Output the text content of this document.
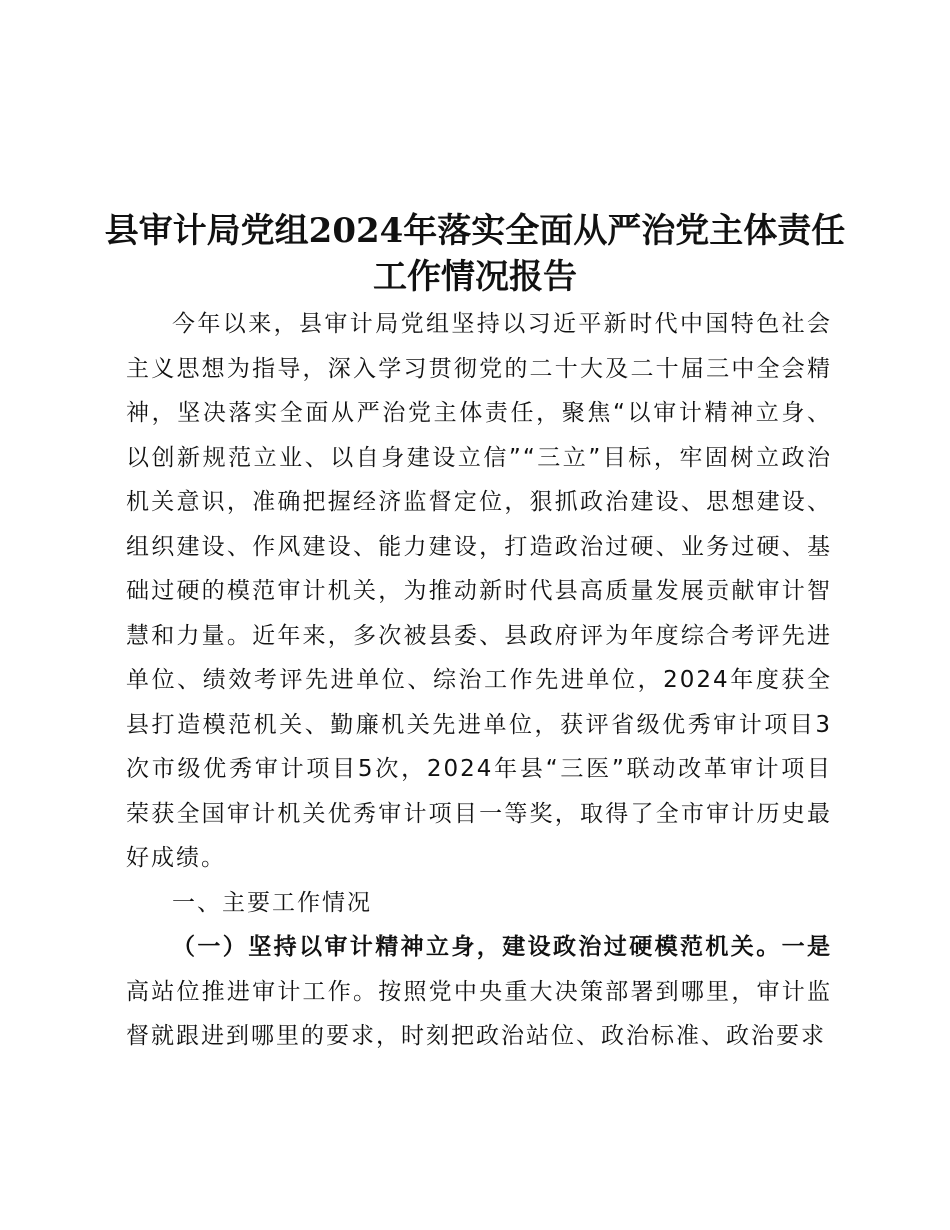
县审计局党组2024年落实全面从严治党主体责任工作情况报告

今年以来，县审计局党组坚持以习近平新时代中国特色社会主义思想为指导，深入学习贯彻党的二十大及二十届三中全会精神，坚决落实全面从严治党主体责任，聚焦“以审计精神立身、以创新规范立业、以自身建设立信”“三立”目标，牢固树立政治机关意识，准确把握经济监督定位，狠抓政治建设、思想建设、组织建设、作风建设、能力建设，打造政治过硬、业务过硬、基础过硬的模范审计机关，为推动新时代县高质量发展贡献审计智慧和力量。近年来，多次被县委、县政府评为年度综合考评先进单位、绩效考评先进单位、综治工作先进单位，2024年度获全县打造模范机关、勤廉机关先进单位，获评省级优秀审计项目3次市级优秀审计项目5次，2024年县“三医”联动改革审计项目荣获全国审计机关优秀审计项目一等奖，取得了全市审计历史最好成绩。

一、主要工作情况

（一）坚持以审计精神立身，建设政治过硬模范机关。一是高站位推进审计工作。按照党中央重大决策部署到哪里，审计监督就跟进到哪里的要求，时刻把政治站位、政治标准、政治要求
